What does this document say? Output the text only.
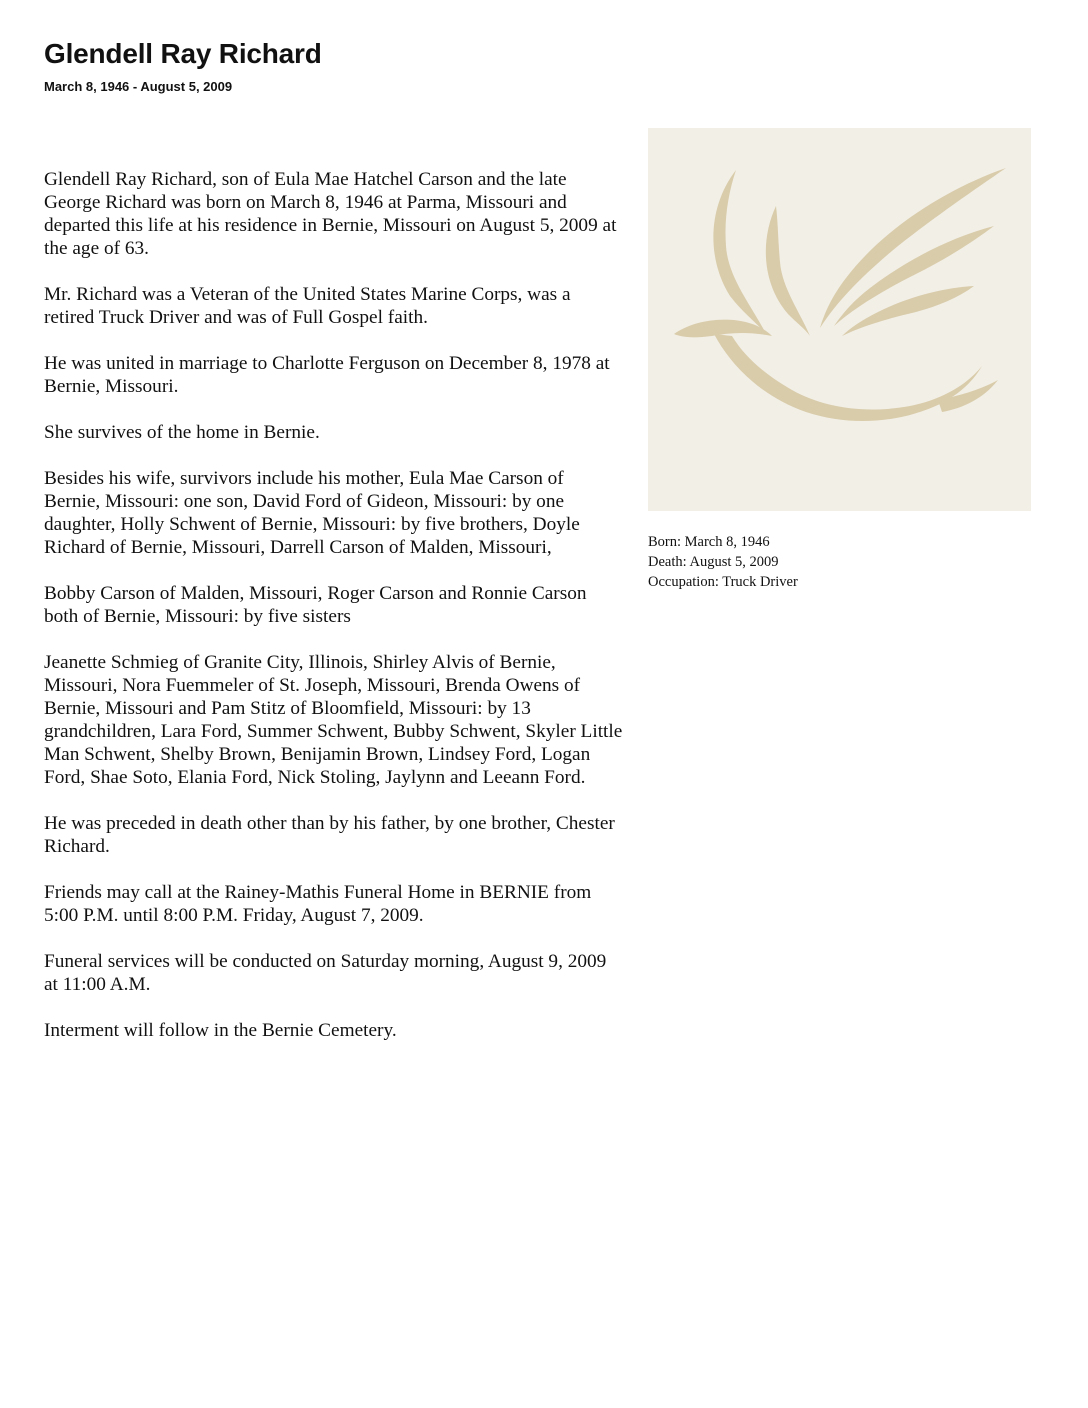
Glendell Ray Richard
March 8, 1946 - August 5, 2009

Glendell Ray Richard, son of Eula Mae Hatchel Carson and the late George Richard was born on March 8, 1946 at Parma, Missouri and departed this life at his residence in Bernie, Missouri on August 5, 2009 at the age of 63.

Mr. Richard was a Veteran of the United States Marine Corps, was a retired Truck Driver and was of Full Gospel faith.

He was united in marriage to Charlotte Ferguson on December 8, 1978 at Bernie, Missouri.

She survives of the home in Bernie.

Besides his wife, survivors include his mother, Eula Mae Carson of Bernie, Missouri: one son, David Ford of Gideon, Missouri: by one daughter, Holly Schwent of Bernie, Missouri: by five brothers, Doyle Richard of Bernie, Missouri, Darrell Carson of Malden, Missouri,

Bobby Carson of Malden, Missouri, Roger Carson and Ronnie Carson both of Bernie, Missouri: by five sisters

Jeanette Schmieg of Granite City, Illinois, Shirley Alvis of Bernie, Missouri, Nora Fuemmeler of St. Joseph, Missouri, Brenda Owens of Bernie, Missouri and Pam Stitz of Bloomfield, Missouri: by 13 grandchildren, Lara Ford, Summer Schwent, Bubby Schwent, Skyler Little Man Schwent, Shelby Brown, Benijamin Brown, Lindsey Ford, Logan Ford, Shae Soto, Elania Ford, Nick Stoling, Jaylynn and Leeann Ford.

He was preceded in death other than by his father, by one brother, Chester Richard.

Friends may call at the Rainey-Mathis Funeral Home in BERNIE from 5:00 P.M. until 8:00 P.M. Friday, August 7, 2009.

Funeral services will be conducted on Saturday morning, August 9, 2009 at 11:00 A.M.

Interment will follow in the Bernie Cemetery.

Born: March 8, 1946
Death: August 5, 2009
Occupation: Truck Driver
